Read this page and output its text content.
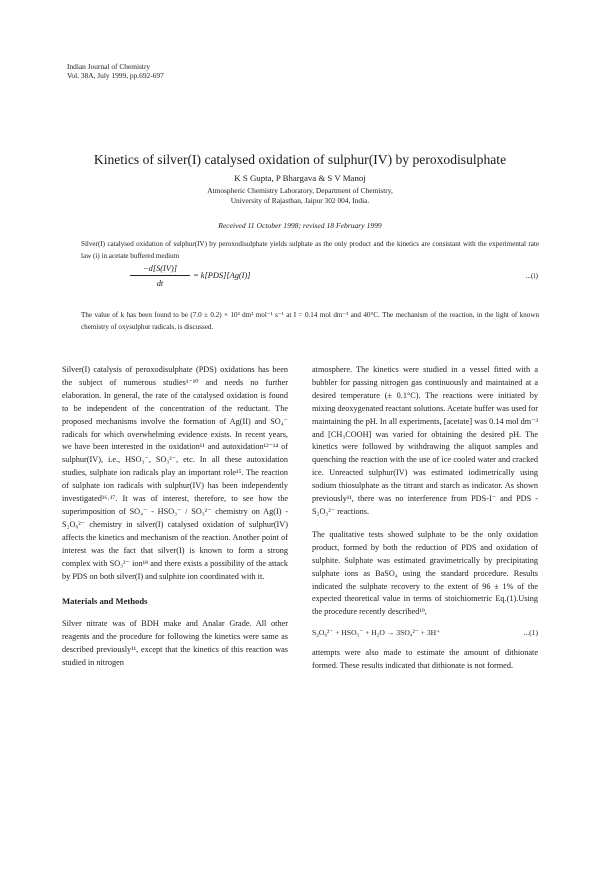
Indian Journal of Chemistry
Vol. 38A, July 1999, pp.692-697
Kinetics of silver(I) catalysed oxidation of sulphur(IV) by peroxodisulphate
K S Gupta, P Bhargava & S V Manoj
Atmospheric Chemistry Laboratory, Department of Chemistry,
University of Rajasthan, Jaipur 302 004, India.
Received 11 October 1998; revised 18 February 1999

Silver(I) catalysed oxidation of sulphur(IV) by peroxodisulphate yields sulphate as the only product and the kinetics are consistant with the experimental rate law (i) in acetate buffered medium

−d[S(IV)]
dt
= k[PDS][Ag(I)]	...(i)

The value of k has been found to be (7.0 ± 0.2) × 10² dm³ mol⁻¹ s⁻¹ at I = 0.14 mol dm⁻³ and 40°C. The mechanism of the reaction, in the light of known chemistry of oxysulphur radicals, is discussed.

Silver(I) catalysis of peroxodisulphate (PDS) oxidations has been the subject of numerous studies¹⁻¹⁰ and needs no further elaboration. In general, the rate of the catalysed oxidation is found to be independent of the concentration of the reductant. The proposed mechanisms involve the formation of Ag(II) and SO₄⁻ radicals for which overwhelming evidence exists. In recent years, we have been interested in the oxidation¹¹ and autoxidation¹²⁻¹⁴ of sulphur(IV), i.e., HSO₃⁻, SO₃²⁻, etc. In all these autoxidation studies, sulphate ion radicals play an important role¹⁵. The reaction of sulphate ion radicals with sulphur(IV) has been independently investigated¹⁶˒¹⁷. It was of interest, therefore, to see how the superimposition of SO₄⁻ - HSO₃⁻ / SO₃²⁻ chemistry on Ag(I) - S₂O₈²⁻ chemistry in silver(I) catalysed oxidation of sulphur(IV) affects the kinetics and mechanism of the reaction. Another point of interest was the fact that silver(I) is known to form a strong complex with SO₃²⁻ ion¹⁸ and there exists a possibility of the attack by PDS on both silver(I) and sulphite ion coordinated with it.

Materials and Methods

Silver nitrate was of BDH make and Analar Grade. All other reagents and the procedure for following the kinetics were same as described previously¹¹, except that the kinetics of this reaction was studied in nitrogen

atmosphere. The kinetics were studied in a vessel fitted with a bubbler for passing nitrogen gas continuously and maintained at a desired temperature (± 0.1°C). The reactions were initiated by mixing deoxygenated reactant solutions. Acetate buffer was used for maintaining the pH. In all experiments, [acetate] was 0.14 mol dm⁻³ and [CH₃COOH] was varied for obtaining the desired pH. The kinetics were followed by withdrawing the aliquot samples and quenching the reaction with the use of ice cooled water and cracked ice. Unreacted sulphur(IV) was estimated iodimetrically using sodium thiosulphate as the titrant and starch as indicator. As shown previously¹¹, there was no interference from PDS-I⁻ and PDS - S₂O₃²⁻ reactions.

The qualitative tests showed sulphate to be the only oxidation product, formed by both the reduction of PDS and oxidation of sulphite. Sulphate was estimated gravimetrically by precipitating sulphate ions as BaSO₄ using the standard procedure. Results indicated the sulphate recovery to the extent of 96 ± 1% of the expected theoretical value in terms of stoichiometric Eq.(1).Using the procedure recently described¹⁹,

S₂O₈²⁻ + HSO₃⁻ + H₂O → 3SO₄²⁻ + 3H⁺	...(1)

attempts were also made to estimate the amount of dithionate formed. These results indicated that dithionate is not formed.
